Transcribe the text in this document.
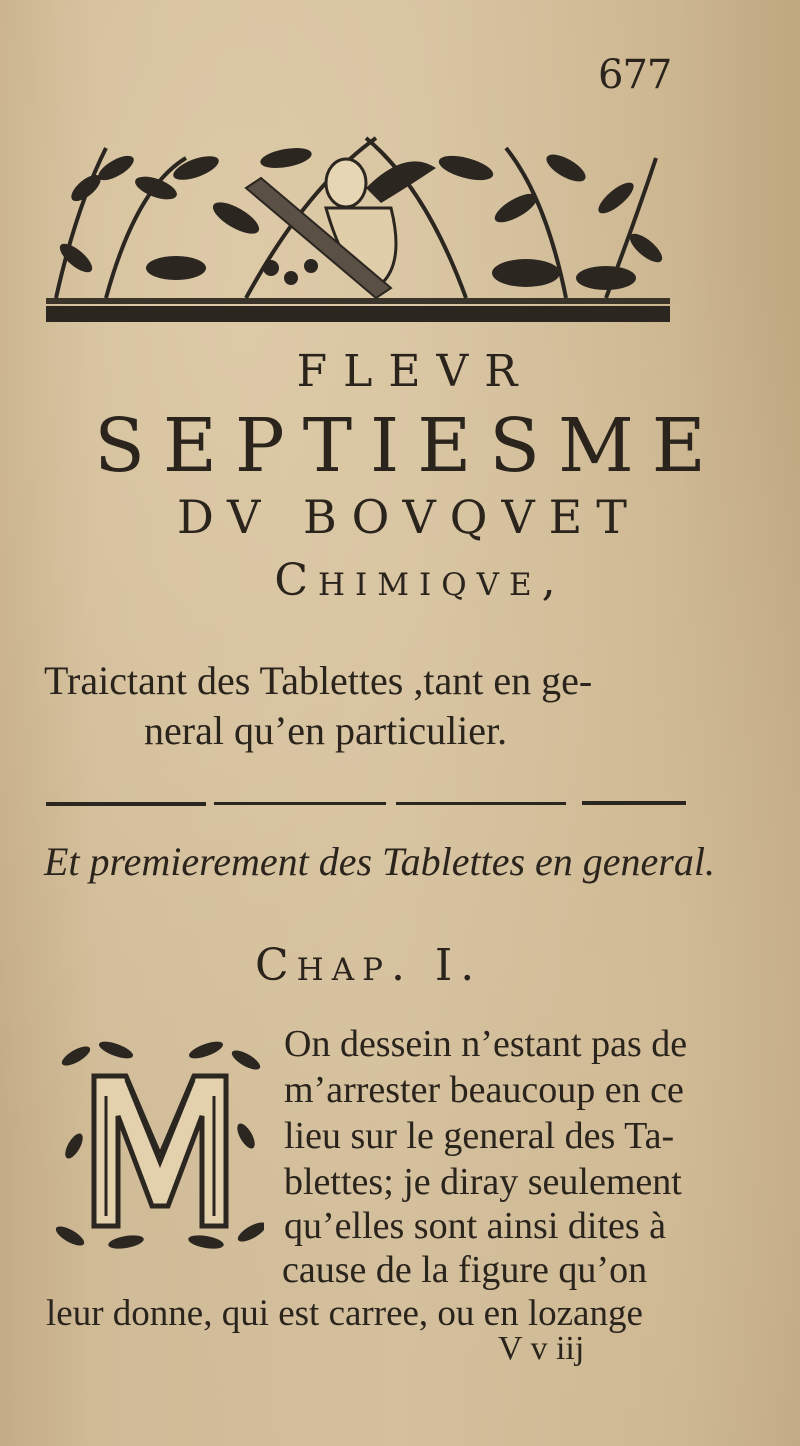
677
FLEVR
SEPTIESME
DV BOVQVET
Chimiqve,
Traictant des Tablettes ,tant en ge-
neral qu’en particulier.
Et premierement des Tablettes en general.
Chap. I.
On dessein n’estant pas de
m’arrester beaucoup en ce
lieu sur le general des Ta-
blettes; je diray seulement
qu’elles sont ainsi dites à
cause de la figure qu’on
leur donne, qui est carree, ou en lozange
V v iij
